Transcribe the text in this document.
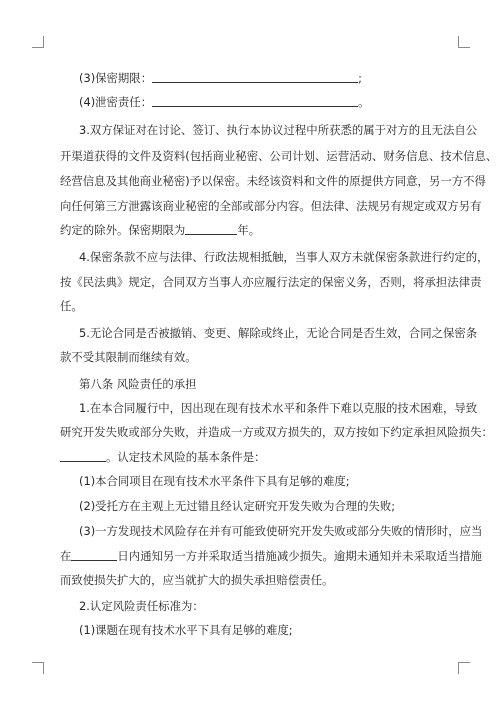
(3)保密期限：	;
(4)泄密责任：	。
3.双方保证对在讨论、签订、执行本协议过程中所获悉的属于对方的且无法自公
开渠道获得的文件及资料(包括商业秘密、公司计划、运营活动、财务信息、技术信息、
经营信息及其他商业秘密)予以保密。未经该资料和文件的原提供方同意，另一方不得
向任何第三方泄露该商业秘密的全部或部分内容。但法律、法规另有规定或双方另有
约定的除外。保密期限为	年。
4.保密条款不应与法律、行政法规相抵触，当事人双方未就保密条款进行约定的，
按《民法典》规定，合同双方当事人亦应履行法定的保密义务，否则，将承担法律责
任。
5.无论合同是否被撤销、变更、解除或终止，无论合同是否生效，合同之保密条
款不受其限制而继续有效。
第八条 风险责任的承担
1.在本合同履行中，因出现在现有技术水平和条件下难以克服的技术困难，导致
研究开发失败或部分失败，并造成一方或双方损失的，双方按如下约定承担风险损失：
。认定技术风险的基本条件是：
(1)本合同项目在现有技术水平条件下具有足够的难度;
(2)受托方在主观上无过错且经认定研究开发失败为合理的失败;
(3)一方发现技术风险存在并有可能致使研究开发失败或部分失败的情形时，应当
在	日内通知另一方并采取适当措施减少损失。逾期未通知并未采取适当措施
而致使损失扩大的，应当就扩大的损失承担赔偿责任。
2.认定风险责任标准为：
(1)课题在现有技术水平下具有足够的难度;
